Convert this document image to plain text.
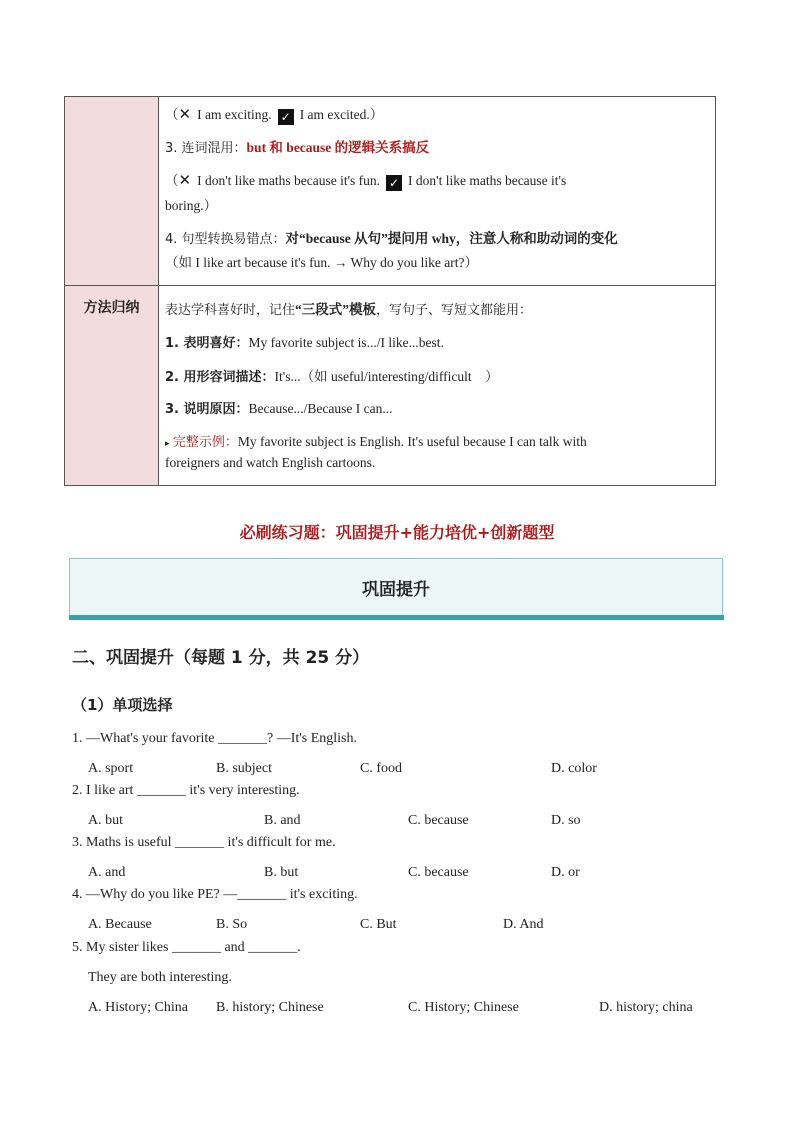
方法归纳
（✕ I am exciting. ✓ I am excited.）
3. 连词混用：but 和 because 的逻辑关系搞反
（✕ I don't like maths because it's fun. ✓ I don't like maths because it's
boring.）
4. 句型转换易错点：对“because 从句”提问用 why，注意人称和助动词的变化
（如 I like art because it's fun. → Why do you like art?）
表达学科喜好时，记住“三段式”模板，写句子、写短文都能用：
1. 表明喜好：My favorite subject is.../I like...best.
2. 用形容词描述：It's...（如 useful/interesting/difficult　）
3. 说明原因：Because.../Because I can...
▸ 完整示例：My favorite subject is English. It's useful because I can talk with
foreigners and watch English cartoons.
必刷练习题：巩固提升+能力培优+创新题型
巩固提升
二、巩固提升（每题 1 分，共 25 分）
（1）单项选择
1. —What's your favorite _______? —It's English.
A. sport	B. subject	C. food	D. color
2. I like art _______ it's very interesting.
A. but	B. and	C. because	D. so
3. Maths is useful _______ it's difficult for me.
A. and	B. but	C. because	D. or
4. —Why do you like PE? —_______ it's exciting.
A. Because	B. So	C. But	D. And
5. My sister likes _______ and _______.
They are both interesting.
A. History; China B. history; Chinese	C. History; Chinese	D. history; china
